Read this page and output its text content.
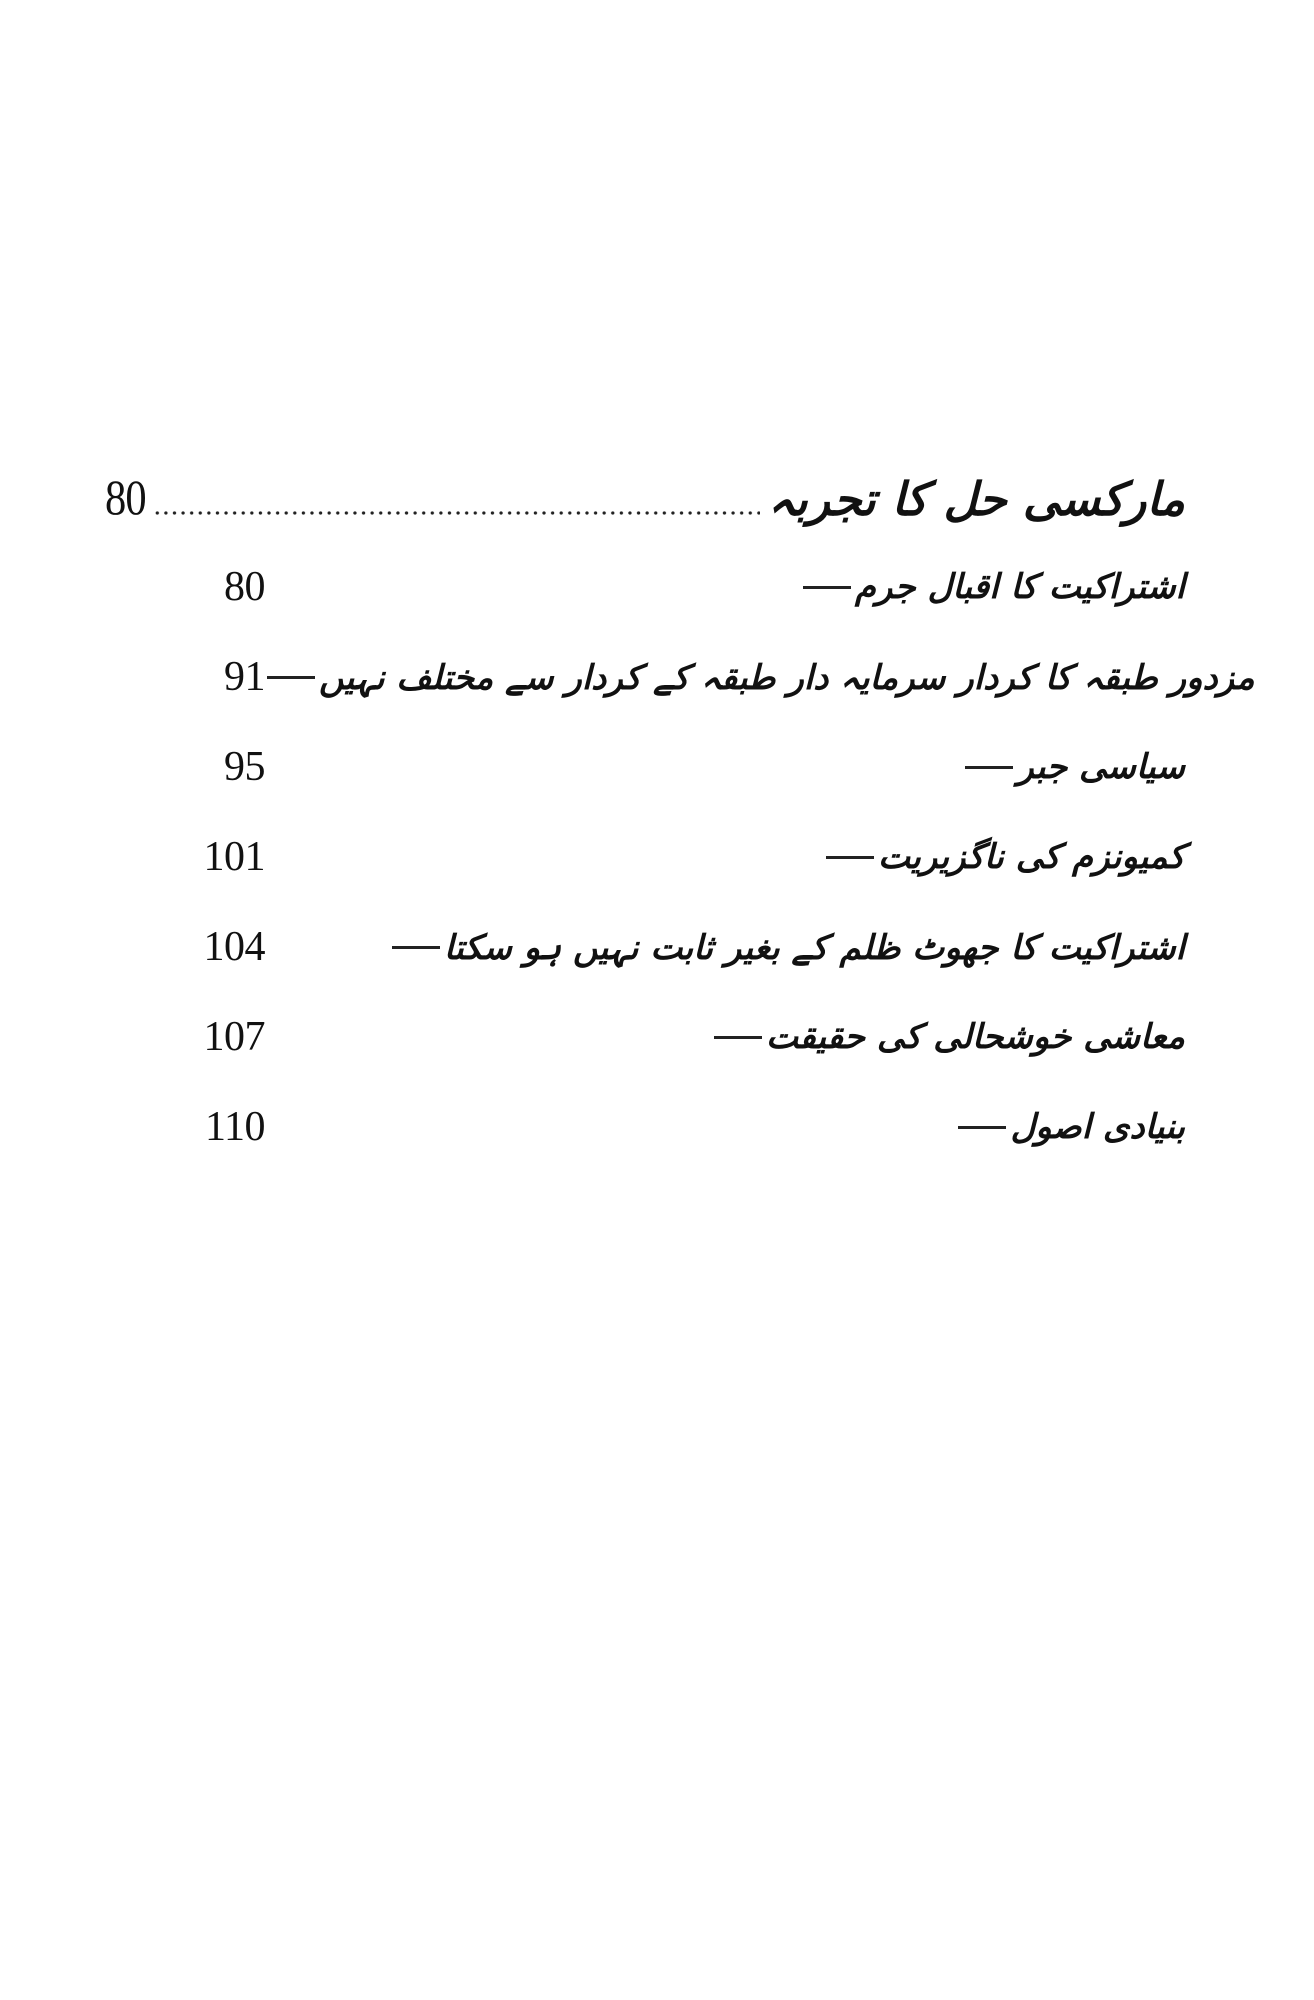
80	مارکسی حل کا تجربہ
80	اشتراکیت کا اقبال جرم
91 مزدور طبقہ کا کردار سرمایہ دار طبقہ کے کردار سے مختلف نہیں
95	سیاسی جبر
101	کمیونزم کی ناگزیریت
104	اشتراکیت کا جھوٹ ظلم کے بغیر ثابت نہیں ہو سکتا
107	معاشی خوشحالی کی حقیقت
110	بنیادی اصول
